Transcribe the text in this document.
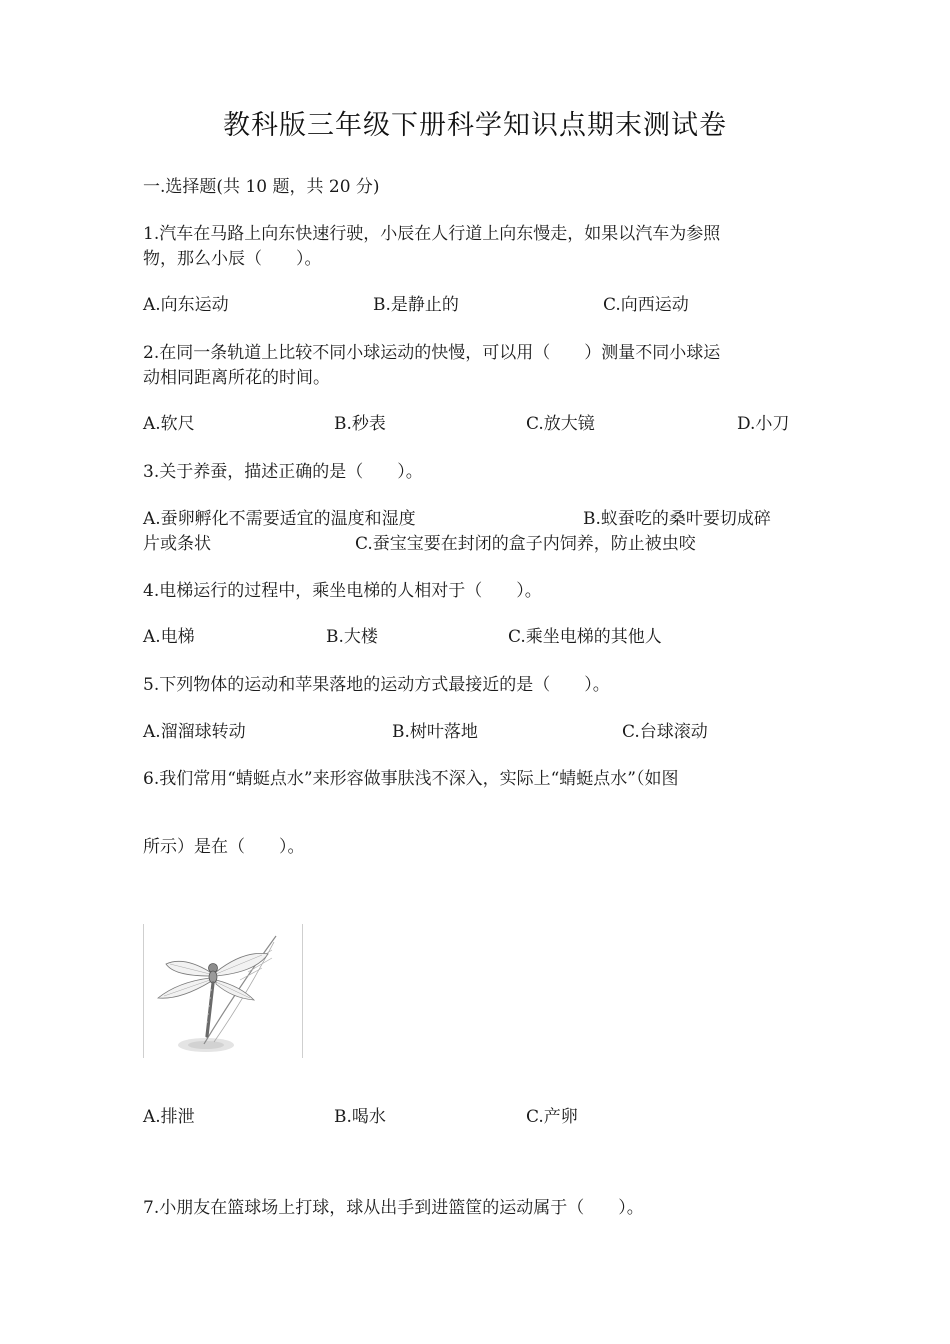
教科版三年级下册科学知识点期末测试卷
一.选择题(共 10 题，共 20 分)
1.汽车在马路上向东快速行驶，小辰在人行道上向东慢走，如果以汽车为参照
物，那么小辰（　　）。
A.向东运动	B.是静止的	C.向西运动
2.在同一条轨道上比较不同小球运动的快慢，可以用（　　）测量不同小球运
动相同距离所花的时间。
A.软尺	B.秒表	C.放大镜	D.小刀
3.关于养蚕，描述正确的是（　　）。
A.蚕卵孵化不需要适宜的温度和湿度	B.蚁蚕吃的桑叶要切成碎
片或条状	C.蚕宝宝要在封闭的盒子内饲养，防止被虫咬
4.电梯运行的过程中，乘坐电梯的人相对于（　　）。
A.电梯	B.大楼	C.乘坐电梯的其他人
5.下列物体的运动和苹果落地的运动方式最接近的是（　　）。
A.溜溜球转动	B.树叶落地	C.台球滚动
6.我们常用“蜻蜓点水”来形容做事肤浅不深入，实际上“蜻蜓点水”（如图
所示）是在（　　）。
A.排泄	B.喝水	C.产卵
7.小朋友在篮球场上打球，球从出手到进篮筐的运动属于（　　）。
